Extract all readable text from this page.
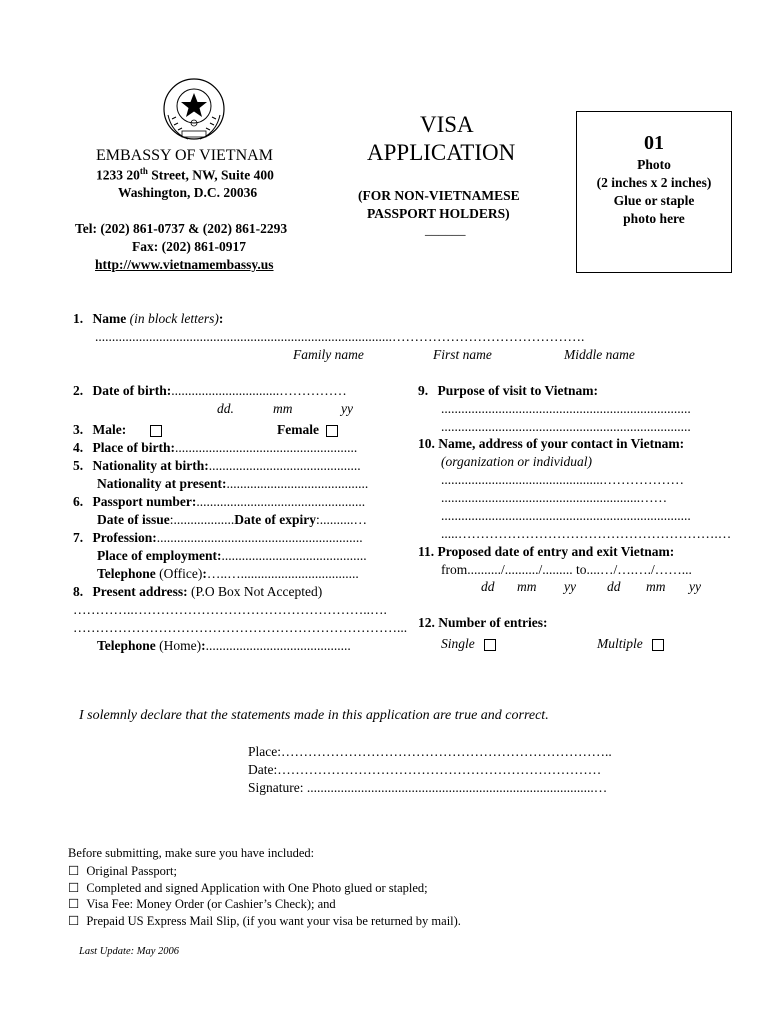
EMBASSY OF VIETNAM
1233 20th Street, NW, Suite 400
Washington, D.C. 20036
Tel: (202) 861-0737 & (202) 861-2293
Fax: (202) 861-0917
http://www.vietnamembassy.us
VISA
APPLICATION
(FOR NON-VIETNAMESE
PASSPORT HOLDERS)
______
01
Photo
(2 inches x 2 inches)
Glue or staple
photo here
1. Name (in block letters):
........................................................................................…………………………………….
Family name	First name	Middle name
2. Date of birth:................................……………
dd.	mm	yy
3. Male:	Female
4. Place of birth:......................................................
5. Nationality at birth:.............................................
Nationality at present:..........................................
6. Passport number:..................................................
Date of issue:..................Date of expiry:..........…
7. Profession:.............................................................
Place of employment:...........................................
Telephone (Office):…..…...................................
8. Present address: (P.O Box Not Accepted)
…………..……………………………………………..….
………………………………………………………………...
Telephone (Home):...........................................
9. Purpose of visit to Vietnam:
..........................................................................
..........................................................................
10. Name, address of your contact in Vietnam:
(organization or individual)
................................................………………
...........................................................……
..........................................................................
.....………………………………………………….…
11. Proposed date of entry and exit Vietnam:
from........../........../......... to....…/….…./……...
dd mm yy dd mm yy
12. Number of entries:
Single	Multiple
I solemnly declare that the statements made in this application are true and correct.
Place:………………………………………………………………..
Date:………………………………………………………………
Signature: .....................................................................................…
Before submitting, make sure you have included:
☐ Original Passport;
☐ Completed and signed Application with One Photo glued or stapled;
☐ Visa Fee: Money Order (or Cashier’s Check); and
☐ Prepaid US Express Mail Slip, (if you want your visa be returned by mail).
Last Update: May 2006
